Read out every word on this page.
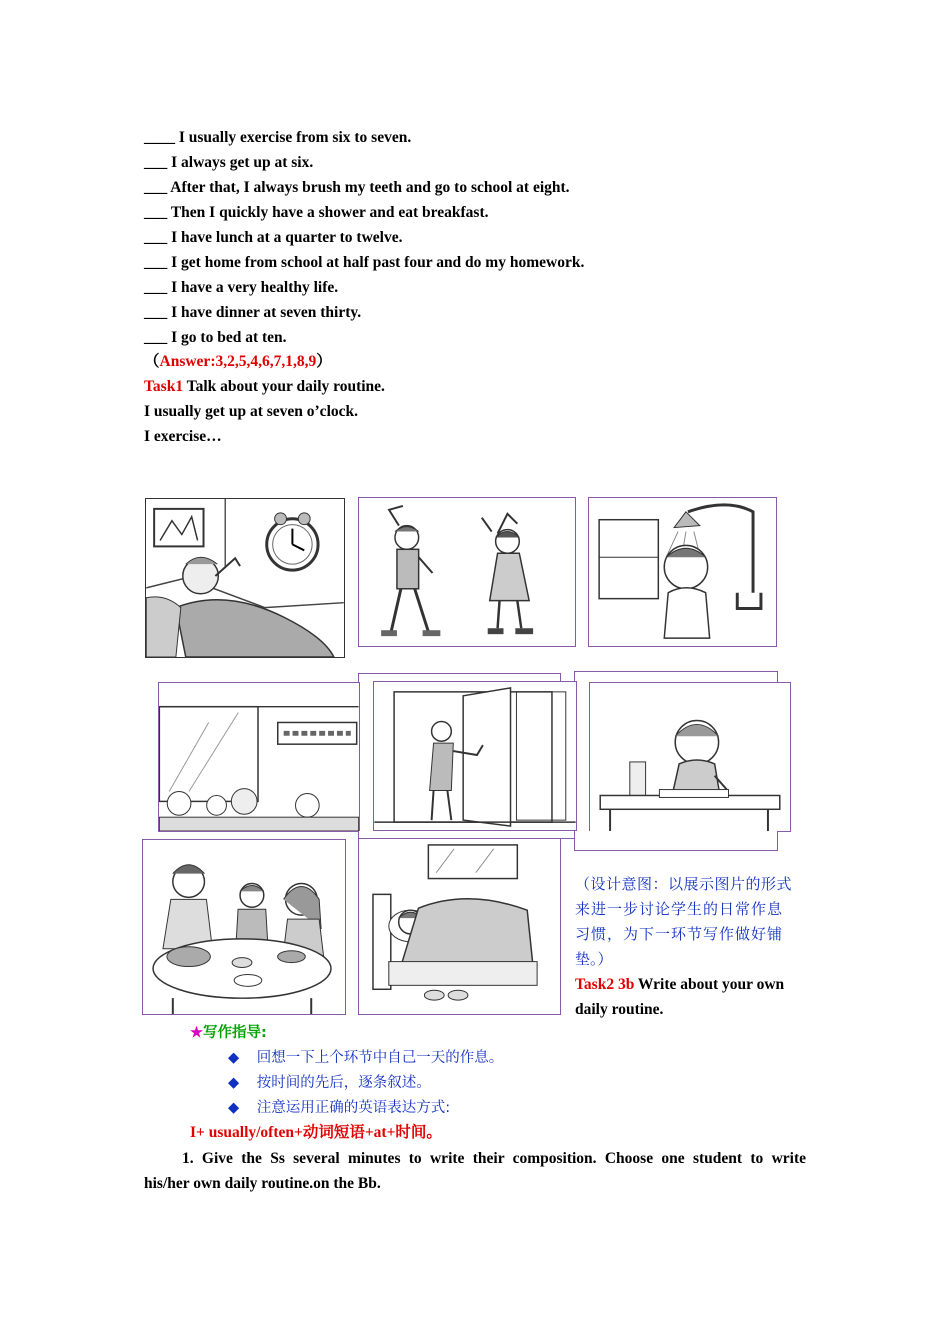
____ I usually exercise from six to seven.
___ I always get up at six.
___ After that, I always brush my teeth and go to school at eight.
___ Then I quickly have a shower and eat breakfast.
___ I have lunch at a quarter to twelve.
___ I get home from school at half past four and do my homework.
___ I have a very healthy life.
___ I have dinner at seven thirty.
___ I go to bed at ten.
（Answer:3,2,5,4,6,7,1,8,9）
Task1 Talk about your daily routine.
I usually get up at seven o’clock.
I exercise…
（设计意图：以展示图片的形式
来进一步讨论学生的日常作息
习惯，为下一环节写作做好铺
垫。）
Task2 3b Write about your own
daily routine.
★写作指导:
◆ 回想一下上个环节中自己一天的作息。
◆ 按时间的先后，逐条叙述。
◆ 注意运用正确的英语表达方式:
I+ usually/often+动词短语+at+时间。
1. Give the Ss several minutes to write their composition. Choose one student to write
his/her own daily routine.on the Bb.
